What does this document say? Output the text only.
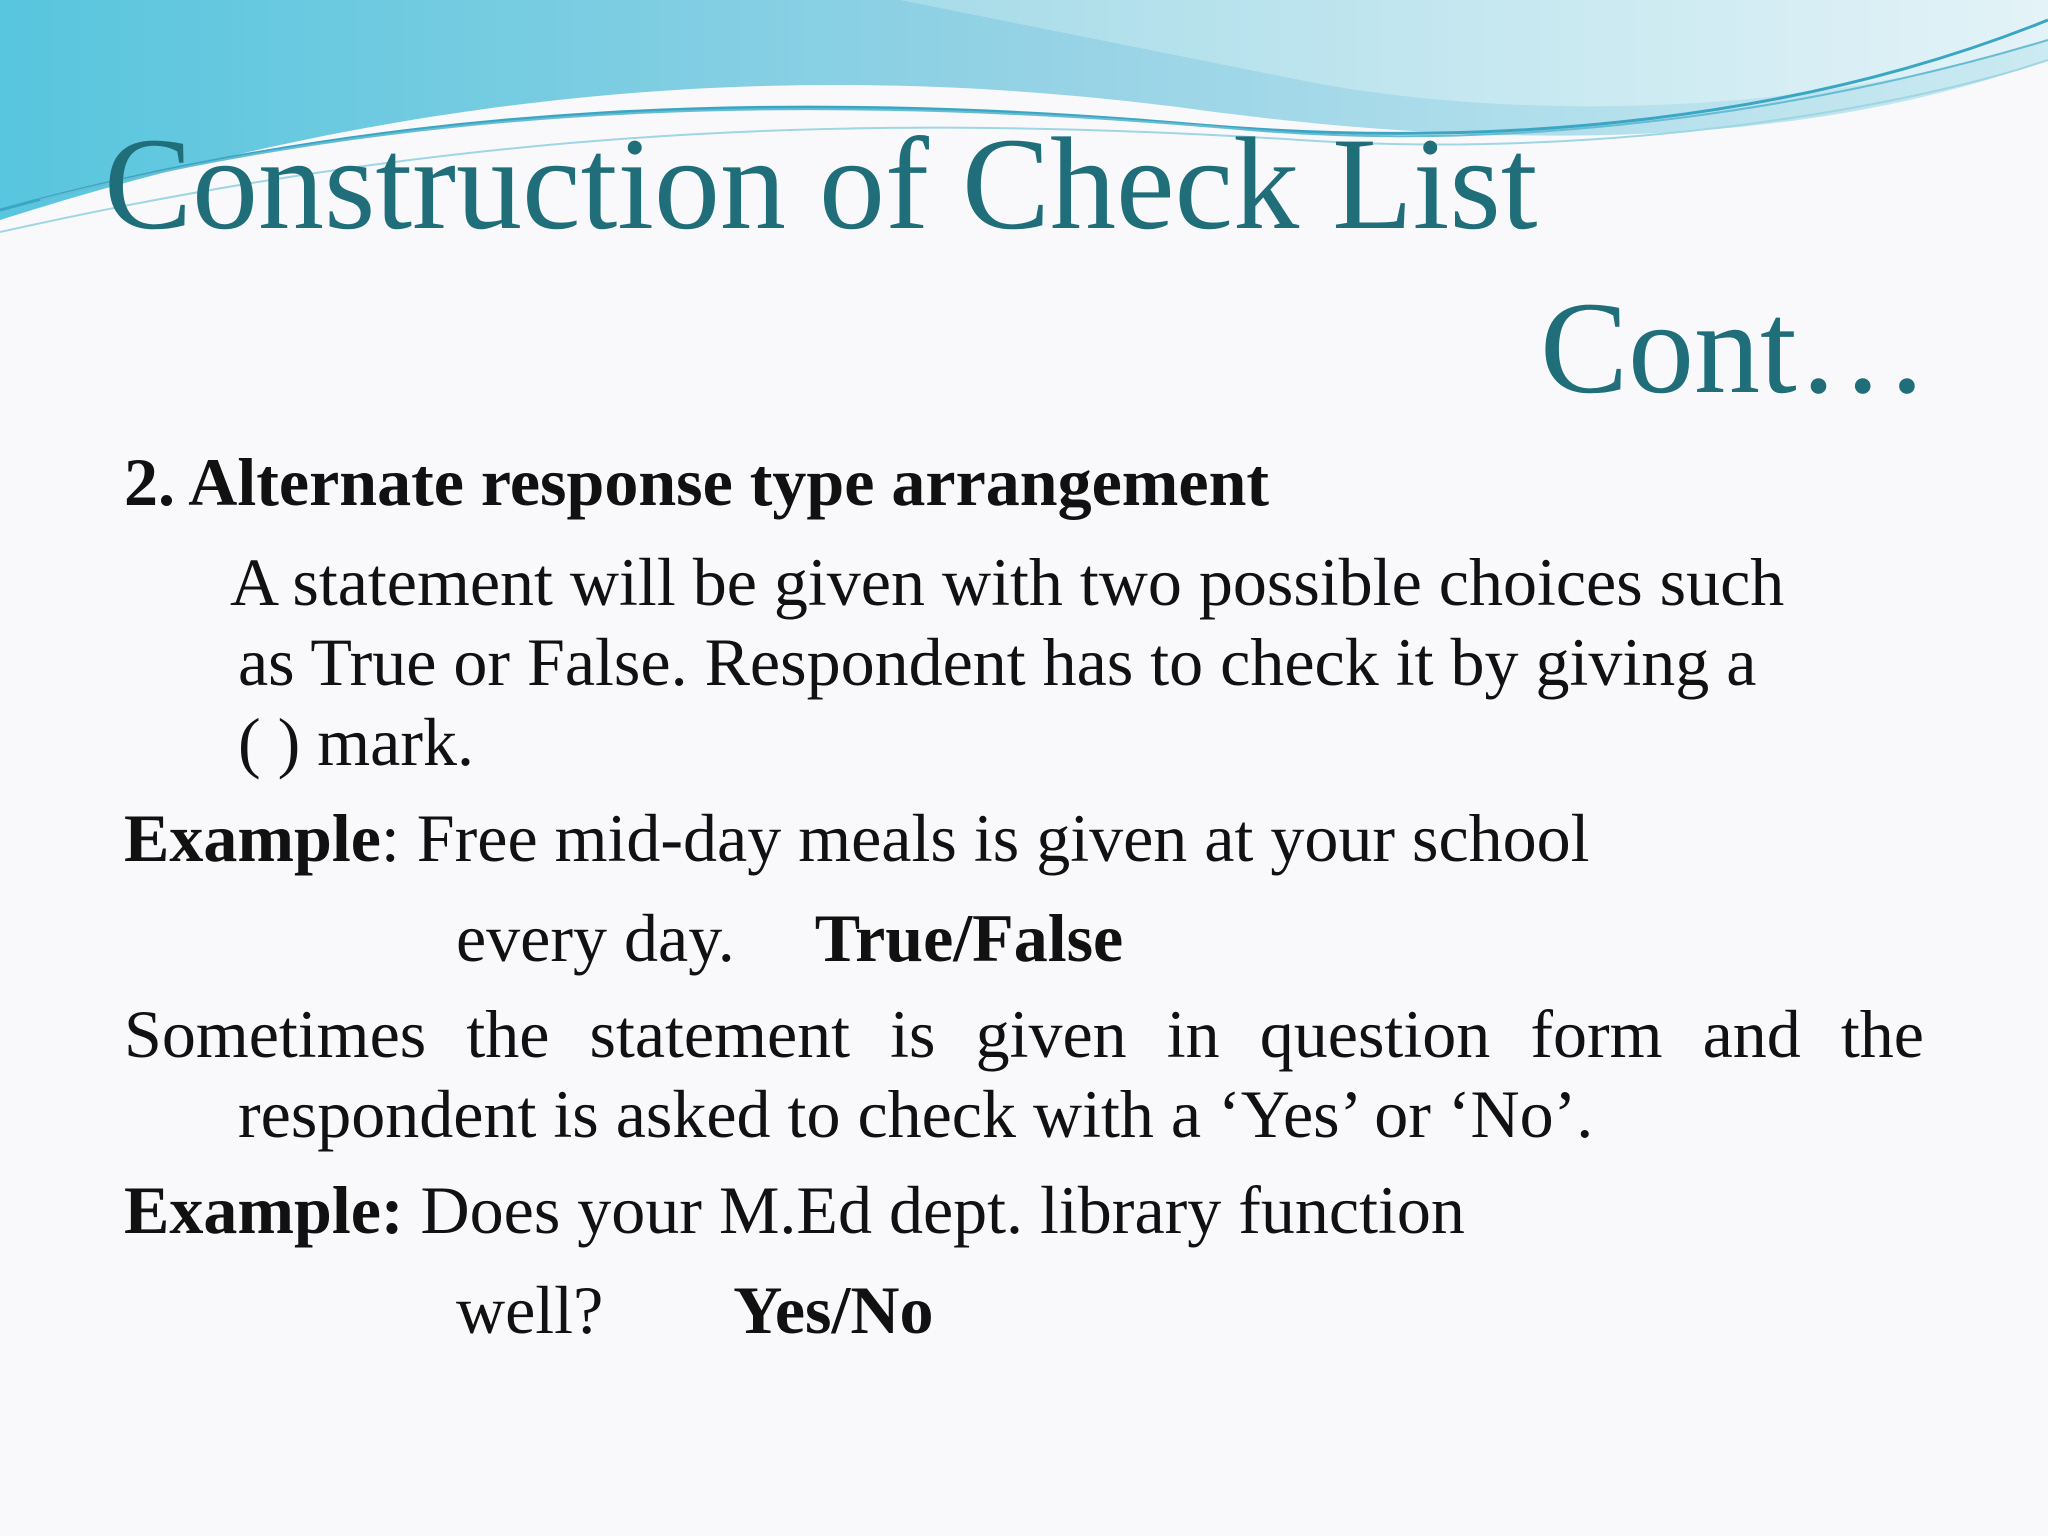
Construction of Check List
Cont…
2. Alternate response type arrangement
A statement will be given with two possible choices such
as True or False. Respondent has to check it by giving a
( ) mark.
Example: Free mid-day meals is given at your school
every day. True/False
Sometimes the statement is given in question form and the
respondent is asked to check with a ‘Yes’ or ‘No’.
Example: Does your M.Ed dept. library function
well? Yes/No
